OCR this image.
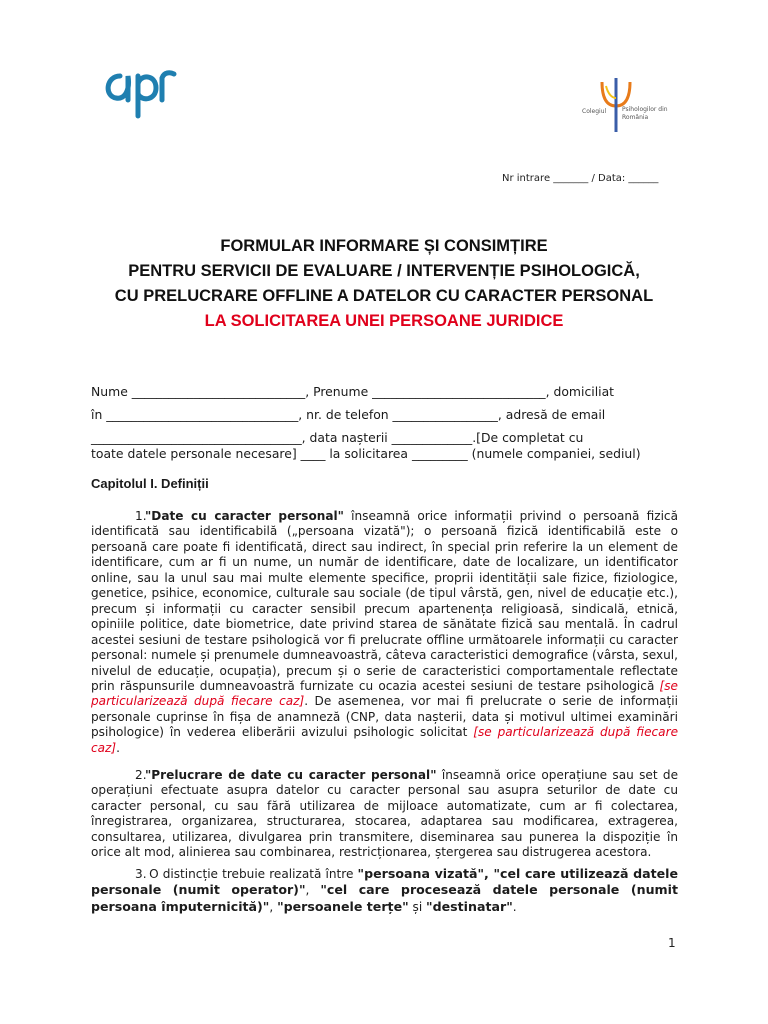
Colegiul	Psihologilor din România
Nr intrare _______ / Data: ______
FORMULAR INFORMARE ȘI CONSIMȚIRE
PENTRU SERVICII DE EVALUARE / INTERVENȚIE PSIHOLOGICĂ,
CU PRELUCRARE OFFLINE A DATELOR CU CARACTER PERSONAL
LA SOLICITAREA UNEI PERSOANE JURIDICE
Nume ____________________________, Prenume ____________________________, domiciliat
în _______________________________, nr. de telefon _________________, adresă de email
__________________________________, data nașterii _____________.[De completat cu
toate datele personale necesare] ____ la solicitarea _________ (numele companiei, sediul)
Capitolul I. Definiții
1."Date cu caracter personal" înseamnă orice informații privind o persoană fizică identificată sau identificabilă („persoana vizată"); o persoană fizică identificabilă este o persoană care poate fi identificată, direct sau indirect, în special prin referire la un element de identificare, cum ar fi un nume, un număr de identificare, date de localizare, un identificator online, sau la unul sau mai multe elemente specifice, proprii identității sale fizice, fiziologice, genetice, psihice, economice, culturale sau sociale (de tipul vârstă, gen, nivel de educație etc.), precum și informații cu caracter sensibil precum apartenența religioasă, sindicală, etnică, opiniile politice, date biometrice, date privind starea de sănătate fizică sau mentală. În cadrul acestei sesiuni de testare psihologică vor fi prelucrate offline următoarele informații cu caracter personal: numele și prenumele dumneavoastră, câteva caracteristici demografice (vârsta, sexul, nivelul de educație, ocupația), precum și o serie de caracteristici comportamentale reflectate prin răspunsurile dumneavoastră furnizate cu ocazia acestei sesiuni de testare psihologică [se particularizează după fiecare caz]. De asemenea, vor mai fi prelucrate o serie de informații personale cuprinse în fișa de anamneză (CNP, data nașterii, data și motivul ultimei examinări psihologice) în vederea eliberării avizului psihologic solicitat [se particularizează după fiecare caz].
2."Prelucrare de date cu caracter personal" înseamnă orice operațiune sau set de operațiuni efectuate asupra datelor cu caracter personal sau asupra seturilor de date cu caracter personal, cu sau fără utilizarea de mijloace automatizate, cum ar fi colectarea, înregistrarea, organizarea, structurarea, stocarea, adaptarea sau modificarea, extragerea, consultarea, utilizarea, divulgarea prin transmitere, diseminarea sau punerea la dispoziție în orice alt mod, alinierea sau combinarea, restricționarea, ștergerea sau distrugerea acestora.
3. O distincție trebuie realizată între "persoana vizată", "cel care utilizează datele personale (numit operator)", "cel care procesează datele personale (numit persoana împuternicită)", "persoanele terțe" și "destinatar".
1
